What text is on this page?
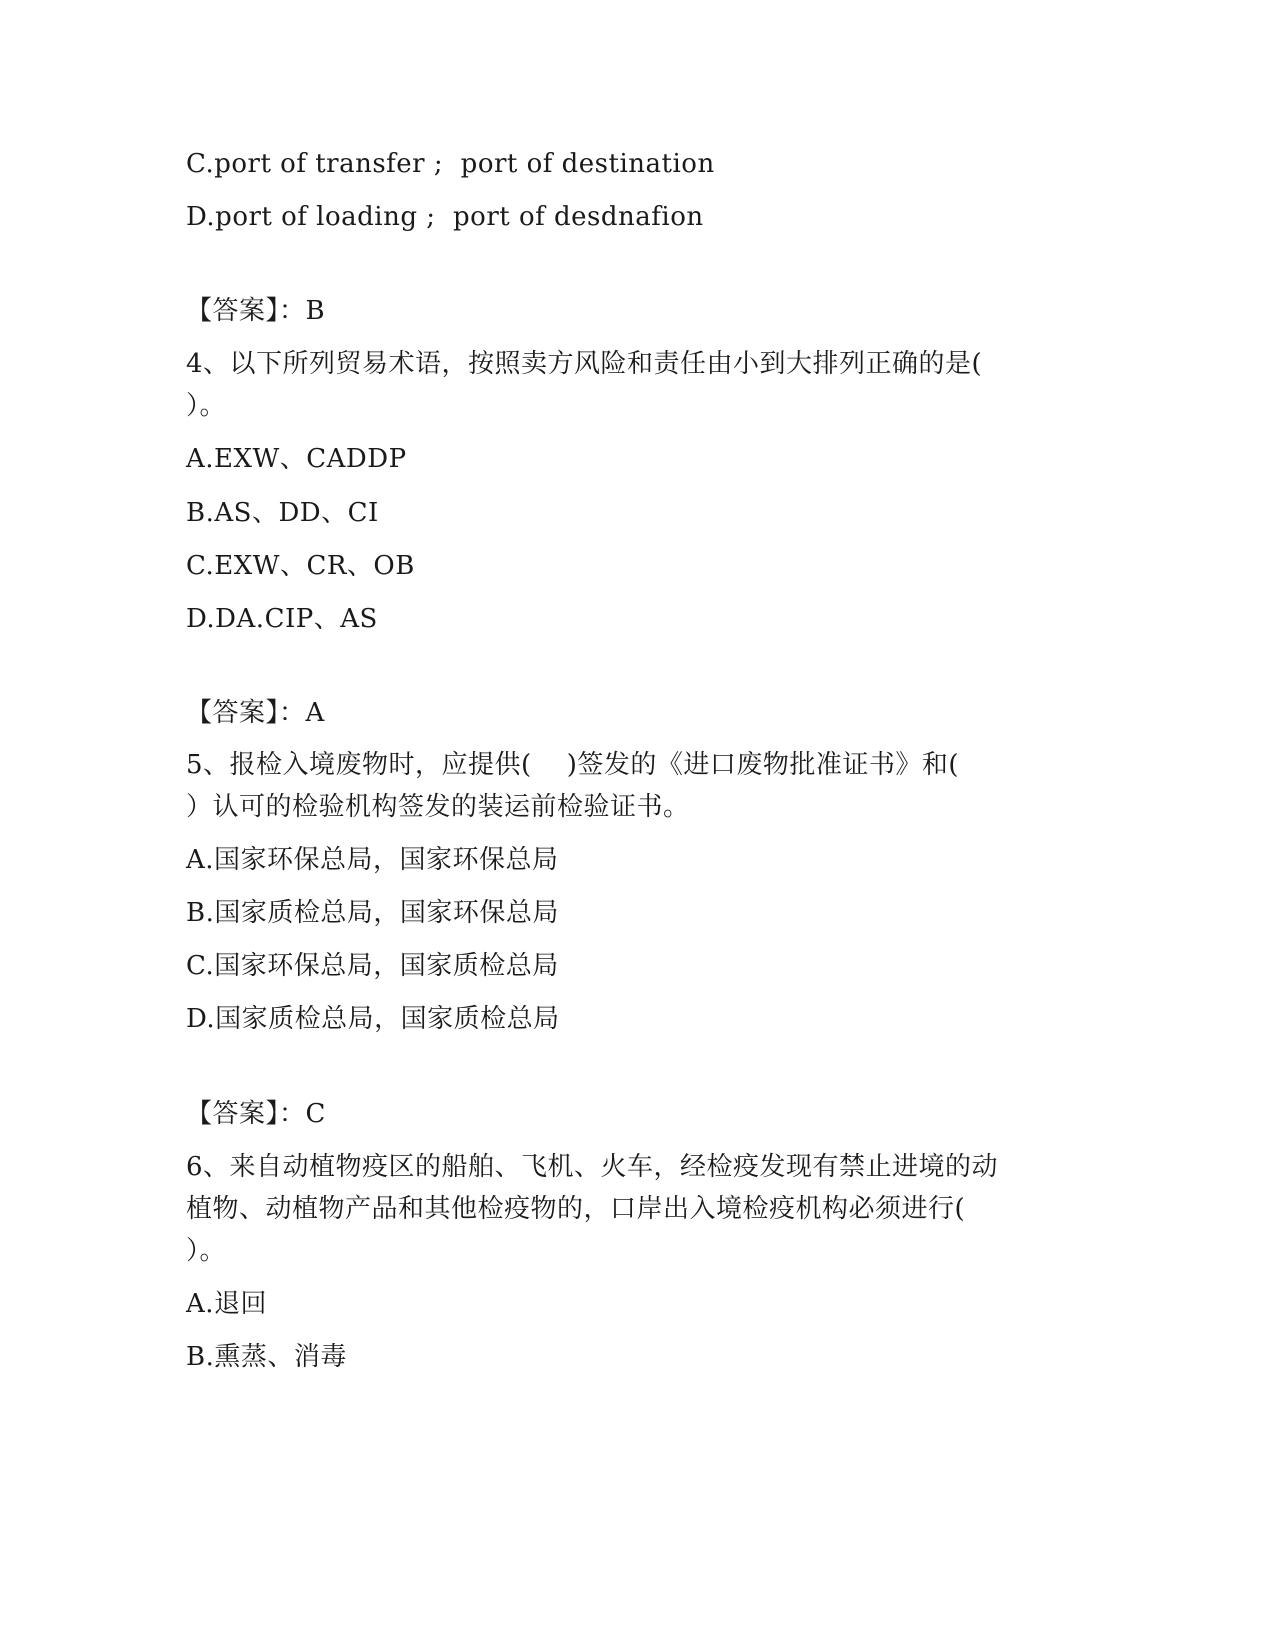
C.port of transfer ;  port of destination
D.port of loading ;  port of desdnafion
【答案】：B
4、以下所列贸易术语，按照卖方风险和责任由小到大排列正确的是(
）。
A.EXW、CADDP
B.AS、DD、CI
C.EXW、CR、OB
D.DA.CIP、AS
【答案】：A
5、报检入境废物时，应提供(    )签发的《进口废物批准证书》和(
）认可的检验机构签发的装运前检验证书。
A.国家环保总局，国家环保总局
B.国家质检总局，国家环保总局
C.国家环保总局，国家质检总局
D.国家质检总局，国家质检总局
【答案】：C
6、来自动植物疫区的船舶、飞机、火车，经检疫发现有禁止进境的动
植物、动植物产品和其他检疫物的，口岸出入境检疫机构必须进行(
）。
A.退回
B.熏蒸、消毒
